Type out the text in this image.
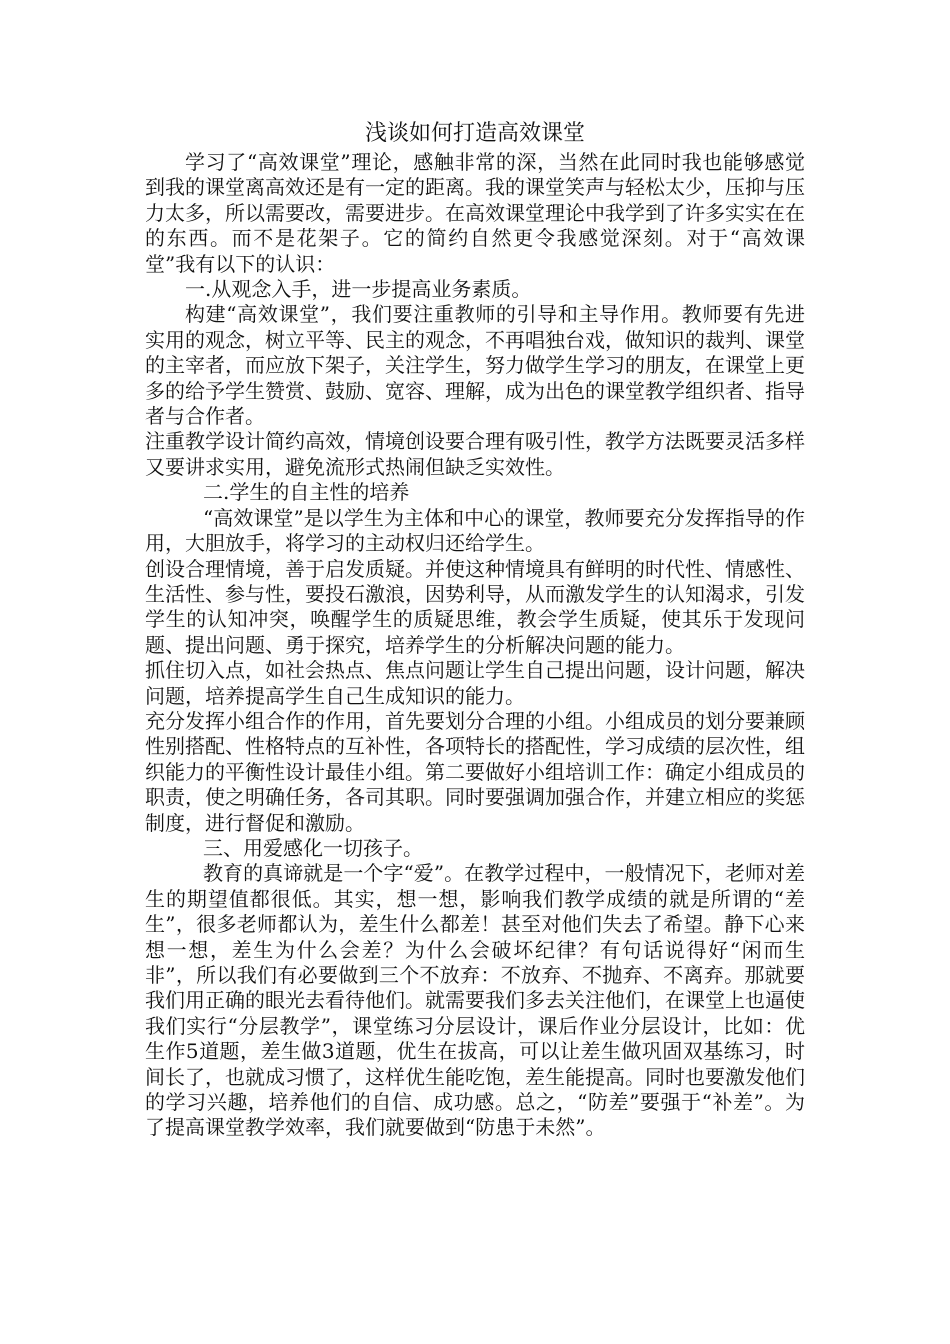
浅谈如何打造高效课堂

学习了“高效课堂”理论，感触非常的深，当然在此同时我也能够感觉到我的课堂离高效还是有一定的距离。我的课堂笑声与轻松太少，压抑与压力太多，所以需要改，需要进步。在高效课堂理论中我学到了许多实实在在的东西。而不是花架子。它的简约自然更令我感觉深刻。对于“高效课堂”我有以下的认识：

一.从观念入手，进一步提高业务素质。

构建“高效课堂”，我们要注重教师的引导和主导作用。教师要有先进实用的观念，树立平等、民主的观念，不再唱独台戏，做知识的裁判、课堂的主宰者，而应放下架子，关注学生，努力做学生学习的朋友，在课堂上更多的给予学生赞赏、鼓励、宽容、理解，成为出色的课堂教学组织者、指导者与合作者。

注重教学设计简约高效，情境创设要合理有吸引性，教学方法既要灵活多样又要讲求实用，避免流形式热闹但缺乏实效性。

二.学生的自主性的培养

“高效课堂”是以学生为主体和中心的课堂，教师要充分发挥指导的作用，大胆放手，将学习的主动权归还给学生。

创设合理情境，善于启发质疑。并使这种情境具有鲜明的时代性、情感性、生活性、参与性，要投石激浪，因势利导，从而激发学生的认知渴求，引发学生的认知冲突，唤醒学生的质疑思维，教会学生质疑，使其乐于发现问题、提出问题、勇于探究，培养学生的分析解决问题的能力。

抓住切入点，如社会热点、焦点问题让学生自己提出问题，设计问题，解决问题，培养提高学生自己生成知识的能力。

充分发挥小组合作的作用，首先要划分合理的小组。小组成员的划分要兼顾性别搭配、性格特点的互补性，各项特长的搭配性，学习成绩的层次性，组织能力的平衡性设计最佳小组。第二要做好小组培训工作：确定小组成员的职责，使之明确任务，各司其职。同时要强调加强合作，并建立相应的奖惩制度，进行督促和激励。

三、用爱感化一切孩子。

教育的真谛就是一个字“爱”。在教学过程中，一般情况下，老师对差生的期望值都很低。其实，想一想，影响我们教学成绩的就是所谓的“差生”，很多老师都认为，差生什么都差！甚至对他们失去了希望。静下心来想一想，差生为什么会差？为什么会破坏纪律？有句话说得好“闲而生非”，所以我们有必要做到三个不放弃：不放弃、不抛弃、不离弃。那就要我们用正确的眼光去看待他们。就需要我们多去关注他们，在课堂上也逼使我们实行“分层教学”，课堂练习分层设计，课后作业分层设计，比如：优生作5道题，差生做3道题，优生在拔高，可以让差生做巩固双基练习，时间长了，也就成习惯了，这样优生能吃饱，差生能提高。同时也要激发他们的学习兴趣，培养他们的自信、成功感。总之，“防差”要强于“补差”。为了提高课堂教学效率，我们就要做到“防患于未然”。
